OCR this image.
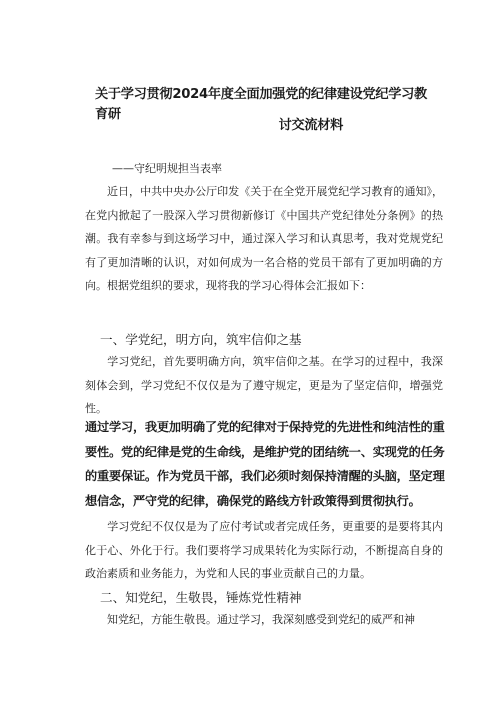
关于学习贯彻2024年度全面加强党的纪律建设党纪学习教育研
讨交流材料
——守纪明规担当表率

近日，中共中央办公厅印发《关于在全党开展党纪学习教育的通知》，在党内掀起了一股深入学习贯彻新修订《中国共产党纪律处分条例》的热潮。我有幸参与到这场学习中，通过深入学习和认真思考，我对党规党纪有了更加清晰的认识，对如何成为一名合格的党员干部有了更加明确的方向。根据党组织的要求，现将我的学习心得体会汇报如下：

一、学党纪，明方向，筑牢信仰之基

学习党纪，首先要明确方向，筑牢信仰之基。在学习的过程中，我深刻体会到，学习党纪不仅仅是为了遵守规定，更是为了坚定信仰，增强党性。

通过学习，我更加明确了党的纪律对于保持党的先进性和纯洁性的重要性。党的纪律是党的生命线，是维护党的团结统一、实现党的任务的重要保证。作为党员干部，我们必须时刻保持清醒的头脑，坚定理想信念，严守党的纪律，确保党的路线方针政策得到贯彻执行。

学习党纪不仅仅是为了应付考试或者完成任务，更重要的是要将其内化于心、外化于行。我们要将学习成果转化为实际行动，不断提高自身的政治素质和业务能力，为党和人民的事业贡献自己的力量。

二、知党纪，生敬畏，锤炼党性精神

知党纪，方能生敬畏。通过学习，我深刻感受到党纪的威严和神
